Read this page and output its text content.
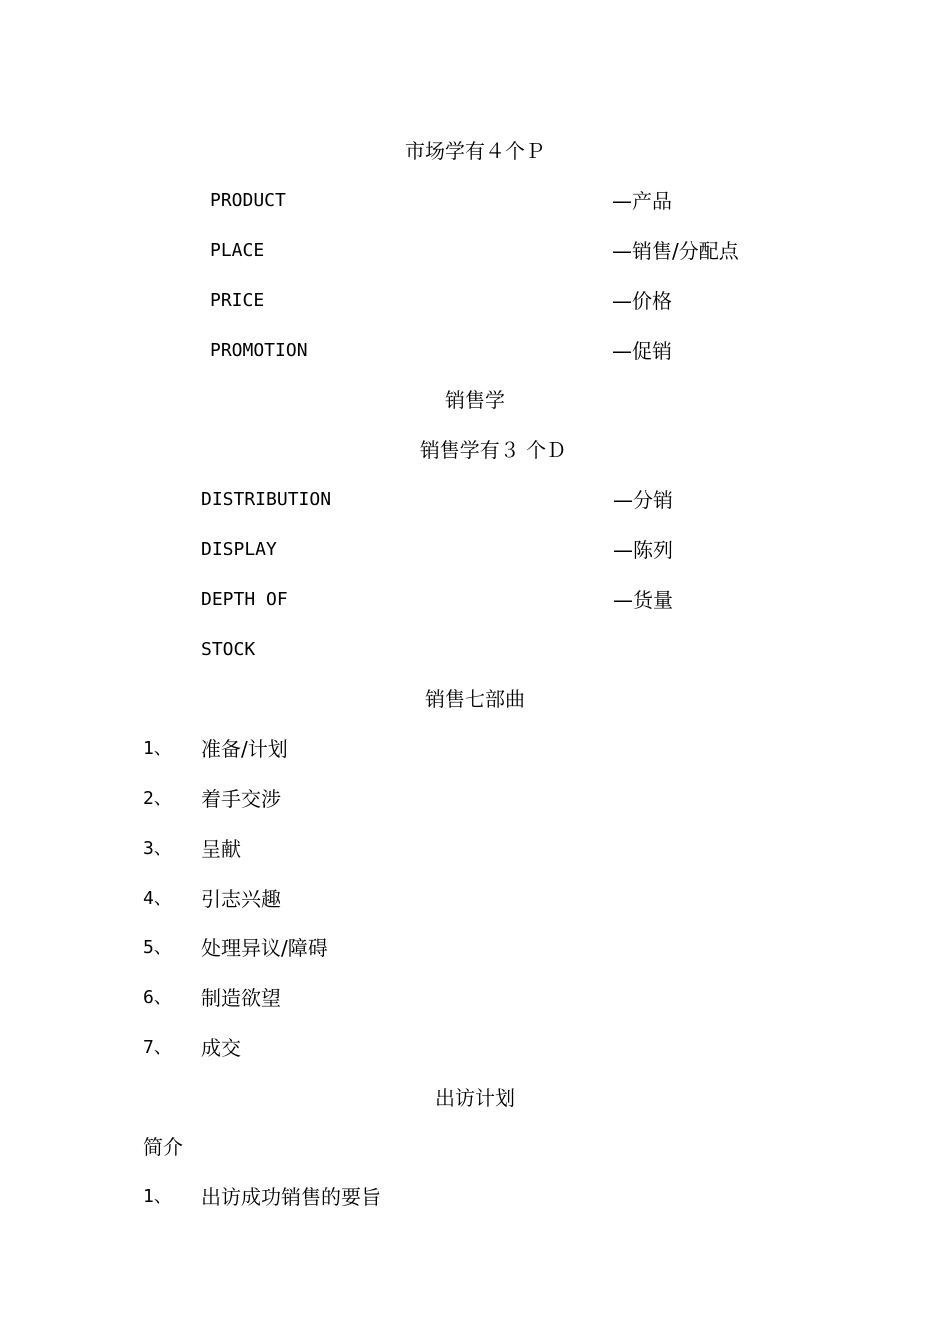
市场学有４个Ｐ
PRODUCT	—产品
PLACE	—销售/分配点
PRICE	—价格
PROMOTION	—促销
销售学
销售学有３ 个Ｄ
DISTRIBUTION	—分销
DISPLAY	—陈列
DEPTH OF	—货量
STOCK
销售七部曲
1、 准备/计划
2、 着手交涉
3、 呈献
4、 引志兴趣
5、 处理异议/障碍
6、 制造欲望
7、 成交
出访计划
简介
1、 出访成功销售的要旨
